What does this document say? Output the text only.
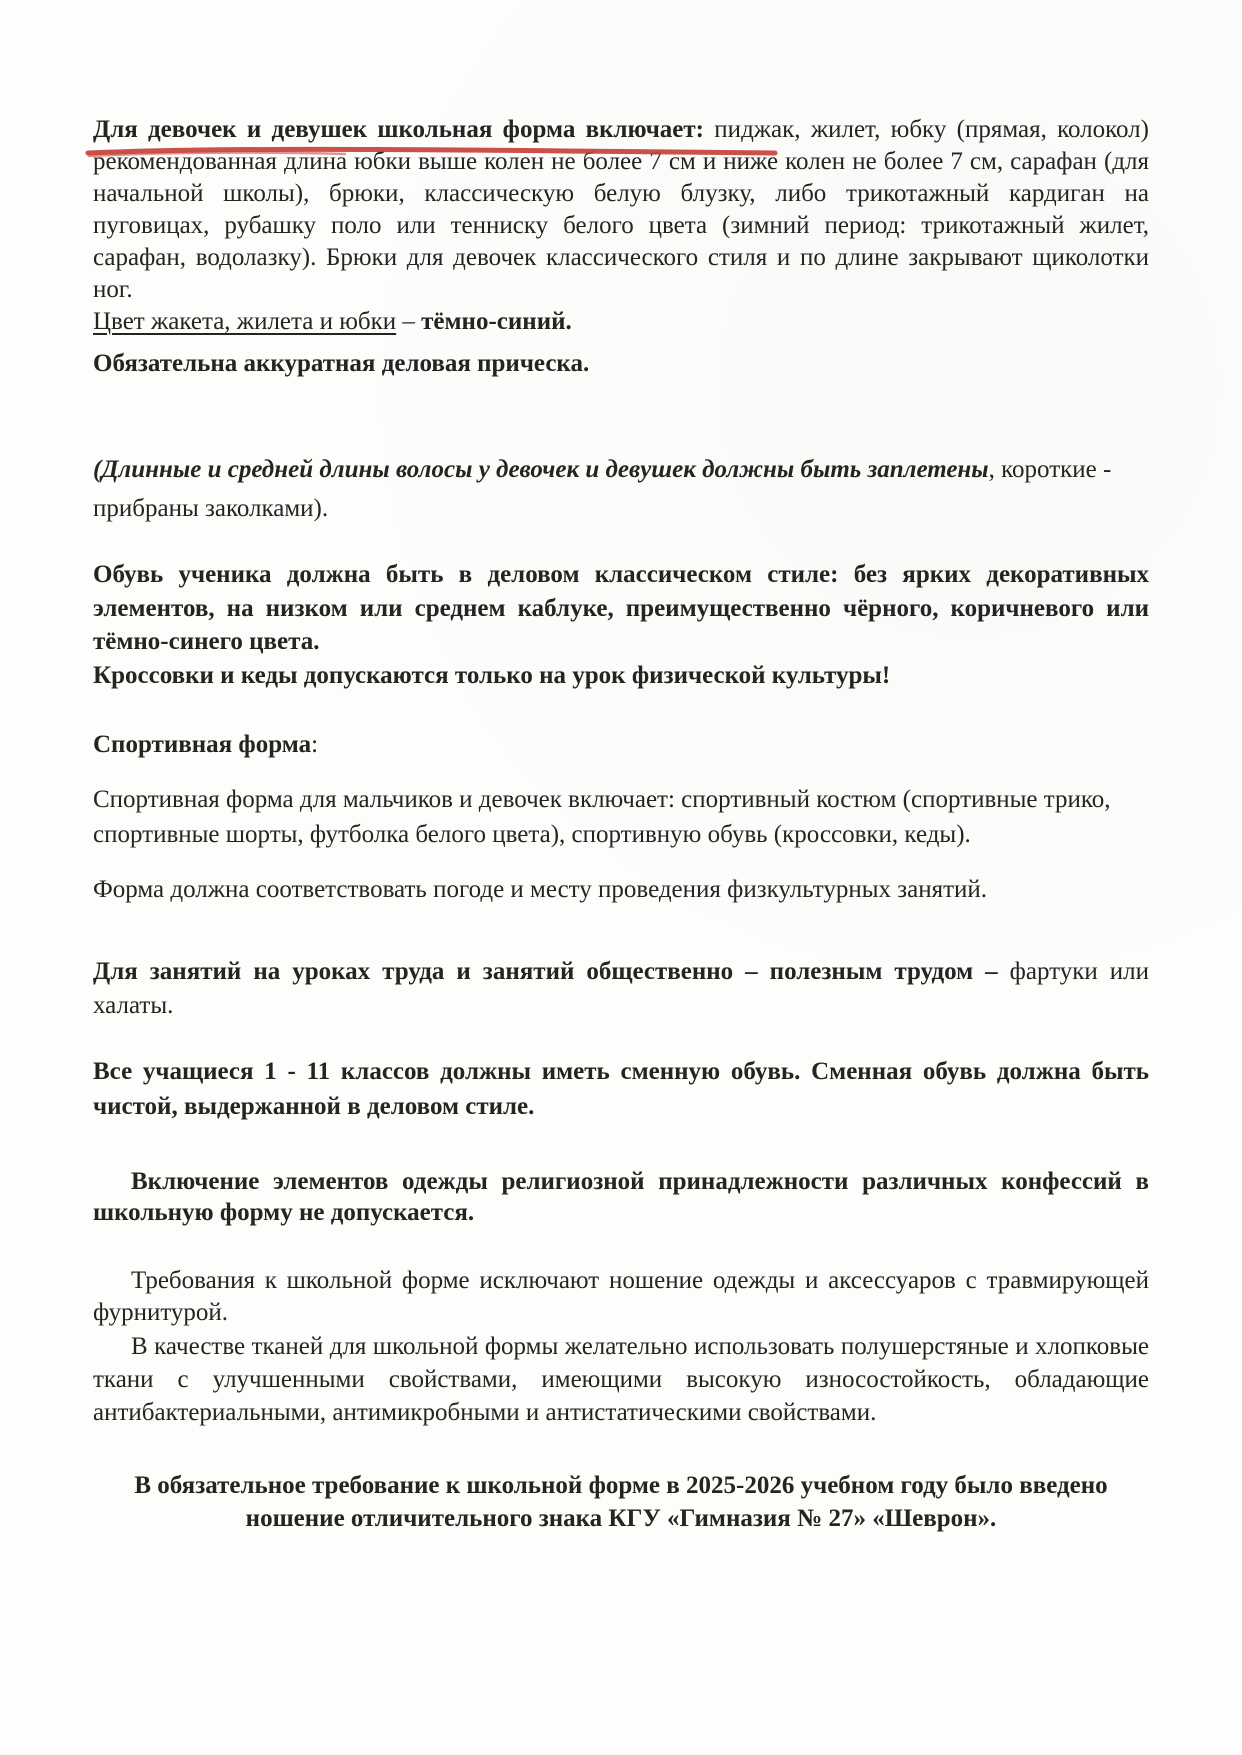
Для девочек и девушек школьная форма включает: пиджак, жилет, юбку (прямая, колокол) рекомендованная длина юбки выше колен не более 7 см и ниже колен не более 7 см, сарафан (для начальной школы), брюки, классическую белую блузку, либо трикотажный кардиган на пуговицах, рубашку поло или тенниску белого цвета (зимний период: трикотажный жилет, сарафан, водолазку). Брюки для девочек классического стиля и по длине закрывают щиколотки ног.

Цвет жакета, жилета и юбки – тёмно-синий.

Обязательна аккуратная деловая прическа.

(Длинные и средней длины волосы у девочек и девушек должны быть заплетены, короткие - прибраны заколками).

Обувь ученика должна быть в деловом классическом стиле: без ярких декоративных элементов, на низком или среднем каблуке, преимущественно чёрного, коричневого или тёмно-синего цвета.

Кроссовки и кеды допускаются только на урок физической культуры!

Спортивная форма:

Спортивная форма для мальчиков и девочек включает: спортивный костюм (спортивные трико, спортивные шорты, футболка белого цвета), спортивную обувь (кроссовки, кеды).

Форма должна соответствовать погоде и месту проведения физкультурных занятий.

Для занятий на уроках труда и занятий общественно – полезным трудом – фартуки или халаты.

Все учащиеся 1 - 11 классов должны иметь сменную обувь. Сменная обувь должна быть чистой, выдержанной в деловом стиле.

Включение элементов одежды религиозной принадлежности различных конфессий в школьную форму не допускается.

Требования к школьной форме исключают ношение одежды и аксессуаров с травмирующей фурнитурой.

В качестве тканей для школьной формы желательно использовать полушерстяные и хлопковые ткани с улучшенными свойствами, имеющими высокую износостойкость, обладающие антибактериальными, антимикробными и антистатическими свойствами.

В обязательное требование к школьной форме в 2025-2026 учебном году было введено ношение отличительного знака КГУ «Гимназия № 27» «Шеврон».
